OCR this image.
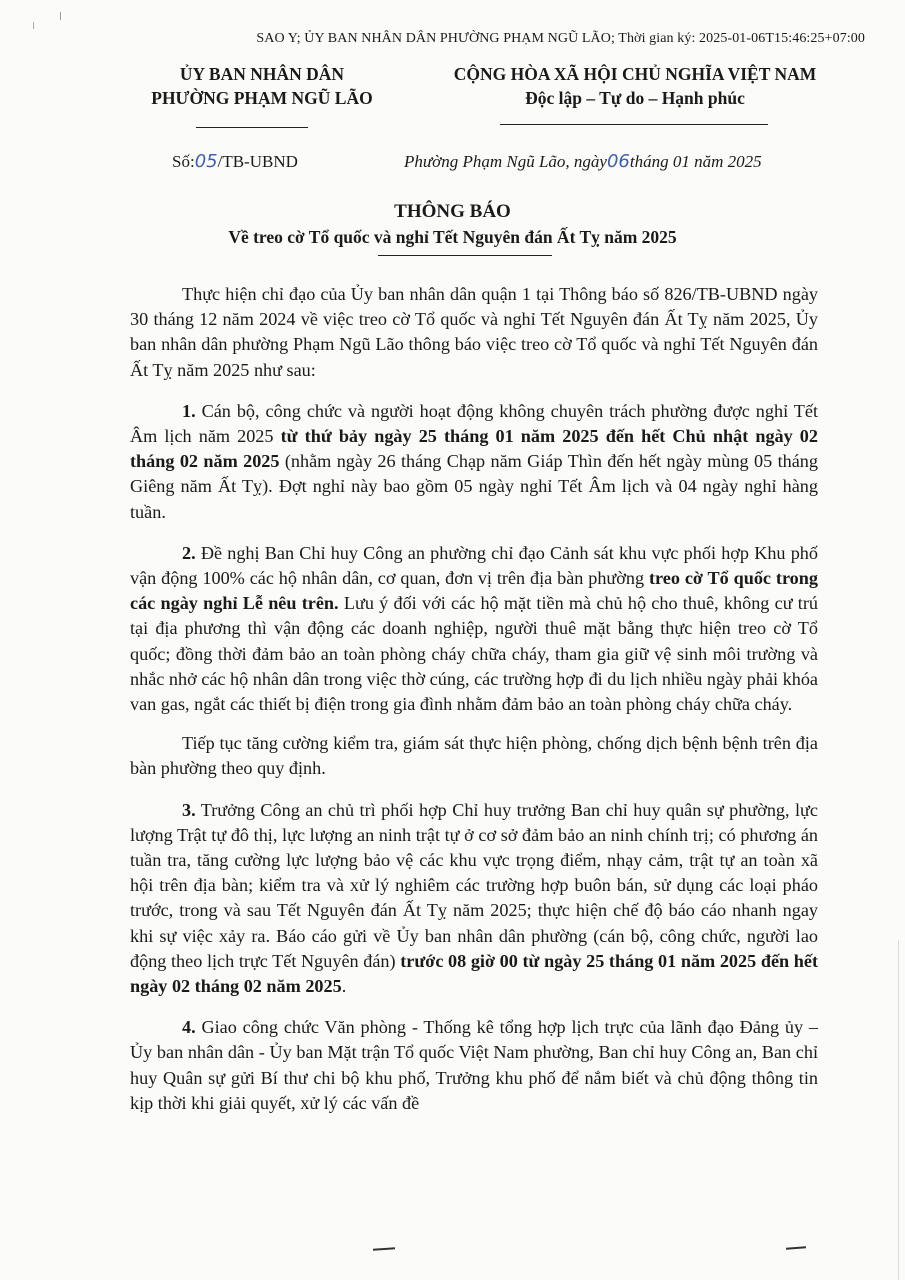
SAO Y; ỦY BAN NHÂN DÂN PHƯỜNG PHẠM NGŨ LÃO; Thời gian ký: 2025-01-06T15:46:25+07:00
ỦY BAN NHÂN DÂN
PHƯỜNG PHẠM NGŨ LÃO
CỘNG HÒA XÃ HỘI CHỦ NGHĨA VIỆT NAM
Độc lập – Tự do – Hạnh phúc
Số:05/TB-UBND	Phường Phạm Ngũ Lão, ngày06tháng 01 năm 2025
THÔNG BÁO
Về treo cờ Tổ quốc và nghỉ Tết Nguyên đán Ất Tỵ năm 2025

Thực hiện chỉ đạo của Ủy ban nhân dân quận 1 tại Thông báo số 826/TB-UBND ngày 30 tháng 12 năm 2024 về việc treo cờ Tổ quốc và nghỉ Tết Nguyên đán Ất Tỵ năm 2025, Ủy ban nhân dân phường Phạm Ngũ Lão thông báo việc treo cờ Tổ quốc và nghỉ Tết Nguyên đán Ất Tỵ năm 2025 như sau:

1. Cán bộ, công chức và người hoạt động không chuyên trách phường được nghỉ Tết Âm lịch năm 2025 từ thứ bảy ngày 25 tháng 01 năm 2025 đến hết Chủ nhật ngày 02 tháng 02 năm 2025 (nhằm ngày 26 tháng Chạp năm Giáp Thìn đến hết ngày mùng 05 tháng Giêng năm Ất Tỵ). Đợt nghỉ này bao gồm 05 ngày nghỉ Tết Âm lịch và 04 ngày nghỉ hàng tuần.

2. Đề nghị Ban Chỉ huy Công an phường chỉ đạo Cảnh sát khu vực phối hợp Khu phố vận động 100% các hộ nhân dân, cơ quan, đơn vị trên địa bàn phường treo cờ Tổ quốc trong các ngày nghỉ Lễ nêu trên. Lưu ý đối với các hộ mặt tiền mà chủ hộ cho thuê, không cư trú tại địa phương thì vận động các doanh nghiệp, người thuê mặt bằng thực hiện treo cờ Tổ quốc; đồng thời đảm bảo an toàn phòng cháy chữa cháy, tham gia giữ vệ sinh môi trường và nhắc nhở các hộ nhân dân trong việc thờ cúng, các trường hợp đi du lịch nhiều ngày phải khóa van gas, ngắt các thiết bị điện trong gia đình nhằm đảm bảo an toàn phòng cháy chữa cháy.

Tiếp tục tăng cường kiểm tra, giám sát thực hiện phòng, chống dịch bệnh bệnh trên địa bàn phường theo quy định.

3. Trưởng Công an chủ trì phối hợp Chỉ huy trưởng Ban chỉ huy quân sự phường, lực lượng Trật tự đô thị, lực lượng an ninh trật tự ở cơ sở đảm bảo an ninh chính trị; có phương án tuần tra, tăng cường lực lượng bảo vệ các khu vực trọng điểm, nhạy cảm, trật tự an toàn xã hội trên địa bàn; kiểm tra và xử lý nghiêm các trường hợp buôn bán, sử dụng các loại pháo trước, trong và sau Tết Nguyên đán Ất Tỵ năm 2025; thực hiện chế độ báo cáo nhanh ngay khi sự việc xảy ra. Báo cáo gửi về Ủy ban nhân dân phường (cán bộ, công chức, người lao động theo lịch trực Tết Nguyên đán) trước 08 giờ 00 từ ngày 25 tháng 01 năm 2025 đến hết ngày 02 tháng 02 năm 2025.

4. Giao công chức Văn phòng - Thống kê tổng hợp lịch trực của lãnh đạo Đảng ủy – Ủy ban nhân dân - Ủy ban Mặt trận Tổ quốc Việt Nam phường, Ban chỉ huy Công an, Ban chỉ huy Quân sự gửi Bí thư chi bộ khu phố, Trưởng khu phố để nắm biết và chủ động thông tin kịp thời khi giải quyết, xử lý các vấn đề
